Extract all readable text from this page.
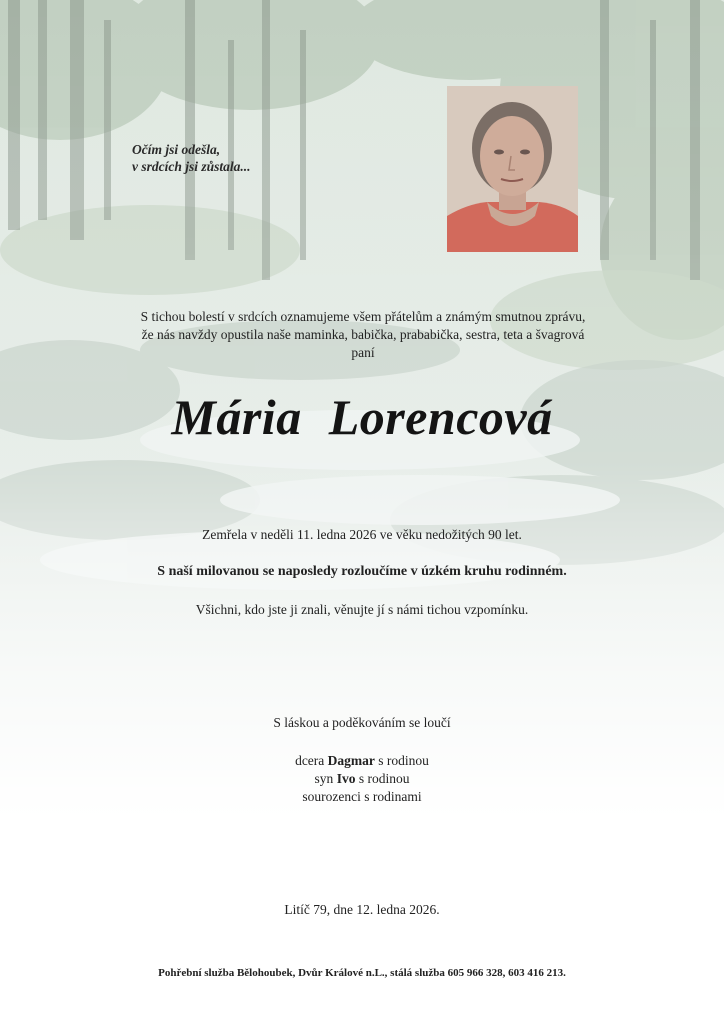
Očím jsi odešla,
v srdcích jsi zůstala...
S tichou bolestí v srdcích oznamujeme všem přátelům a známým smutnou zprávu,
že nás navždy opustila naše maminka, babička, prababička, sestra, teta a švagrová
paní
Mária Lorencová
Zemřela v neděli 11. ledna 2026 ve věku nedožitých 90 let.
S naší milovanou se naposledy rozloučíme v úzkém kruhu rodinném.
Všichni, kdo jste ji znali, věnujte jí s námi tichou vzpomínku.
S láskou a poděkováním se loučí
dcera Dagmar s rodinou
syn Ivo s rodinou
sourozenci s rodinami
Litíč 79, dne 12. ledna 2026.
Pohřební služba Bělohoubek, Dvůr Králové n.L., stálá služba 605 966 328, 603 416 213.
